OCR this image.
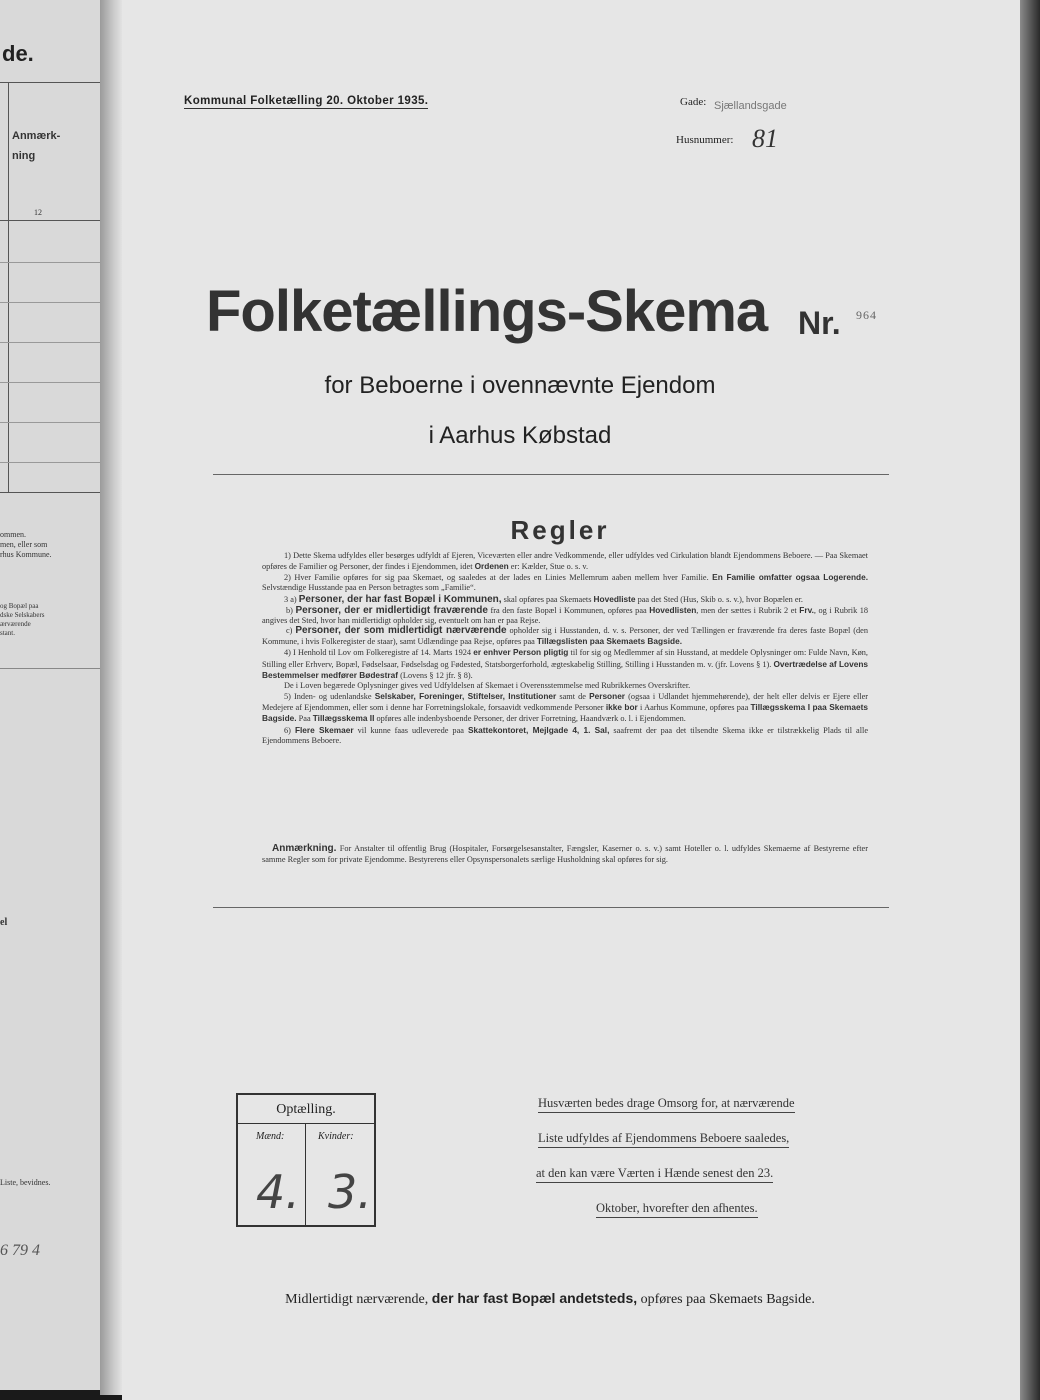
de.
Anmærk-
ning
12
ommen.
men, eller som
rhus Kommune.
og Bopæl paa
dske Selskabers
ærværende
stant.
el
Liste, bevidnes.
6 79 4
Kommunal Folketælling 20. Oktober 1935.	Gade: Sjællandsgade
Husnummer: 81
Folketællings-Skema Nr. 964
for Beboerne i ovennævnte Ejendom
i Aarhus Købstad
Regler

1) Dette Skema udfyldes eller besørges udfyldt af Ejeren, Viceværten eller andre Vedkommende, eller udfyldes ved Cirkulation blandt Ejendommens Beboere. — Paa Skemaet opføres de Familier og Personer, der findes i Ejendommen, idet Ordenen er: Kælder, Stue o. s. v.

2) Hver Familie opføres for sig paa Skemaet, og saaledes at der lades en Linies Mellemrum aaben mellem hver Familie. En Familie omfatter ogsaa Logerende. Selvstændige Husstande paa en Person betragtes som „Familie“.

3 a) Personer, der har fast Bopæl i Kommunen, skal opføres paa Skemaets Hovedliste paa det Sted (Hus, Skib o. s. v.), hvor Bopælen er.

b) Personer, der er midlertidigt fraværende fra den faste Bopæl i Kommunen, opføres paa Hovedlisten, men der sættes i Rubrik 2 et Frv., og i Rubrik 18 angives det Sted, hvor han midlertidigt opholder sig, eventuelt om han er paa Rejse.

c) Personer, der som midlertidigt nærværende opholder sig i Husstanden, d. v. s. Personer, der ved Tællingen er fraværende fra deres faste Bopæl (den Kommune, i hvis Folkeregister de staar), samt Udlændinge paa Rejse, opføres paa Tillægslisten paa Skemaets Bagside.

4) I Henhold til Lov om Folkeregistre af 14. Marts 1924 er enhver Person pligtig til for sig og Medlemmer af sin Husstand, at meddele Oplysninger om: Fulde Navn, Køn, Stilling eller Erhverv, Bopæl, Fødselsaar, Fødselsdag og Fødested, Statsborgerforhold, ægteskabelig Stilling, Stilling i Husstanden m. v. (jfr. Lovens § 1). Overtrædelse af Lovens Bestemmelser medfører Bødestraf (Lovens § 12 jfr. § 8).

De i Loven begærede Oplysninger gives ved Udfyldelsen af Skemaet i Overensstemmelse med Rubrikkernes Overskrifter.

5) Inden- og udenlandske Selskaber, Foreninger, Stiftelser, Institutioner samt de Personer (ogsaa i Udlandet hjemmehørende), der helt eller delvis er Ejere eller Medejere af Ejendommen, eller som i denne har Forretningslokale, forsaavidt vedkommende Personer ikke bor i Aarhus Kommune, opføres paa Tillægsskema I paa Skemaets Bagside. Paa Tillægsskema II opføres alle indenbysboende Personer, der driver Forretning, Haandværk o. l. i Ejendommen.

6) Flere Skemaer vil kunne faas udleverede paa Skattekontoret, Mejlgade 4, 1. Sal, saafremt der paa det tilsendte Skema ikke er tilstrækkelig Plads til alle Ejendommens Beboere.

Anmærkning. For Anstalter til offentlig Brug (Hospitaler, Forsørgelsesanstalter, Fængsler, Kaserner o. s. v.) samt Hoteller o. l. udfyldes Skemaerne af Bestyrerne efter samme Regler som for private Ejendomme. Bestyrerens eller Opsynspersonalets særlige Husholdning skal opføres for sig.

Optælling.
Mænd:	Kvinder:
4. 3.
Husværten bedes drage Omsorg for, at nærværende
Liste udfyldes af Ejendommens Beboere saaledes,
at den kan være Værten i Hænde senest den 23.
Oktober, hvorefter den afhentes.
Midlertidigt nærværende, der har fast Bopæl andetsteds, opføres paa Skemaets Bagside.
